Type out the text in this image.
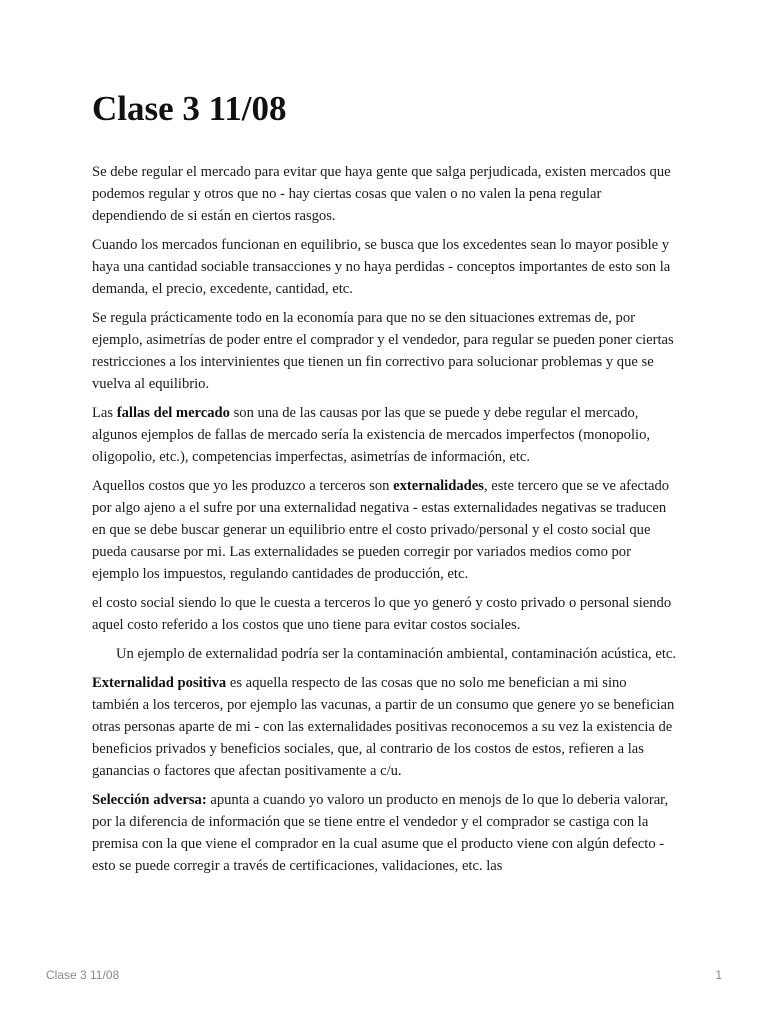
Clase 3 11/08

Se debe regular el mercado para evitar que haya gente que salga perjudicada, existen mercados que podemos regular y otros que no - hay ciertas cosas que valen o no valen la pena regular dependiendo de si están en ciertos rasgos.

Cuando los mercados funcionan en equilibrio, se busca que los excedentes sean lo mayor posible y haya una cantidad sociable transacciones y no haya perdidas - conceptos importantes de esto son la demanda, el precio, excedente, cantidad, etc.

Se regula prácticamente todo en la economía para que no se den situaciones extremas de, por ejemplo, asimetrías de poder entre el comprador y el vendedor, para regular se pueden poner ciertas restricciones a los intervinientes que tienen un fin correctivo para solucionar problemas y que se vuelva al equilibrio.

Las fallas del mercado son una de las causas por las que se puede y debe regular el mercado, algunos ejemplos de fallas de mercado sería la existencia de mercados imperfectos (monopolio, oligopolio, etc.), competencias imperfectas, asimetrías de información, etc.

Aquellos costos que yo les produzco a terceros son externalidades, este tercero que se ve afectado por algo ajeno a el sufre por una externalidad negativa - estas externalidades negativas se traducen en que se debe buscar generar un equilibrio entre el costo privado/personal y el costo social que pueda causarse por mi. Las externalidades se pueden corregir por variados medios como por ejemplo los impuestos, regulando cantidades de producción, etc.

el costo social siendo lo que le cuesta a terceros lo que yo generó y costo privado o personal siendo aquel costo referido a los costos que uno tiene para evitar costos sociales.

Un ejemplo de externalidad podría ser la contaminación ambiental, contaminación acústica, etc.

Externalidad positiva es aquella respecto de las cosas que no solo me benefician a mi sino también a los terceros, por ejemplo las vacunas, a partir de un consumo que genere yo se benefician otras personas aparte de mi - con las externalidades positivas reconocemos a su vez la existencia de beneficios privados y beneficios sociales, que, al contrario de los costos de estos, refieren a las ganancias o factores que afectan positivamente a c/u.

Selección adversa: apunta a cuando yo valoro un producto en menojs de lo que lo deberia valorar, por la diferencia de información que se tiene entre el vendedor y el comprador se castiga con la premisa con la que viene el comprador en la cual asume que el producto viene con algún defecto - esto se puede corregir a través de certificaciones, validaciones, etc. las

Clase 3 11/08	1
